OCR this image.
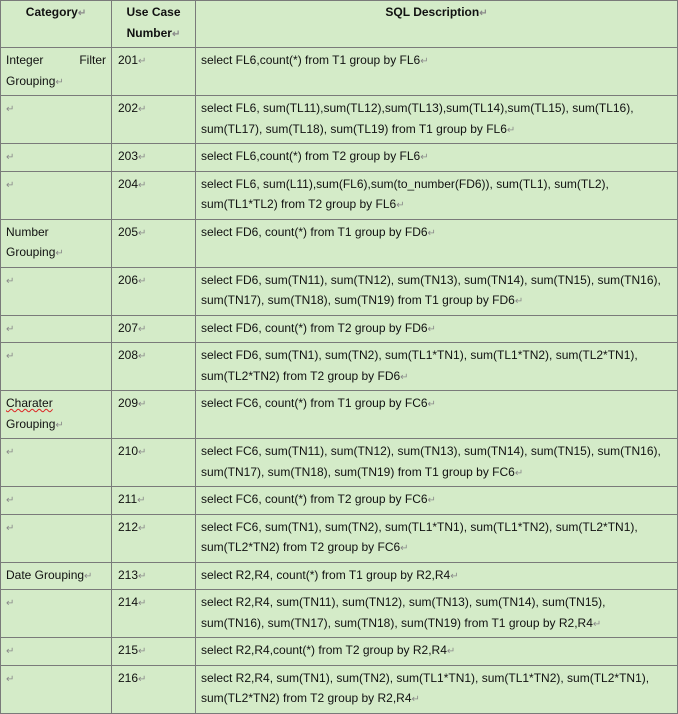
Category↵	Use Case
Number↵	SQL Description↵

Integer Filter
Grouping↵	201↵	select FL6,count(*) from T1 group by FL6↵
↵	202↵	select FL6, sum(TL11),sum(TL12),sum(TL13),sum(TL14),sum(TL15), sum(TL16), sum(TL17), sum(TL18), sum(TL19) from T1 group by FL6↵
↵	203↵	select FL6,count(*) from T2 group by FL6↵
↵	204↵	select FL6, sum(L11),sum(FL6),sum(to_number(FD6)), sum(TL1), sum(TL2), sum(TL1*TL2) from T2 group by FL6↵
Number
Grouping↵	205↵	select FD6, count(*) from T1 group by FD6↵
↵	206↵	select FD6, sum(TN11), sum(TN12), sum(TN13), sum(TN14), sum(TN15), sum(TN16), sum(TN17), sum(TN18), sum(TN19) from T1 group by FD6↵
↵	207↵	select FD6, count(*) from T2 group by FD6↵
↵	208↵	select FD6, sum(TN1), sum(TN2), sum(TL1*TN1), sum(TL1*TN2), sum(TL2*TN1), sum(TL2*TN2) from T2 group by FD6↵
Charater
Grouping↵	209↵	select FC6, count(*) from T1 group by FC6↵
↵	210↵	select FC6, sum(TN11), sum(TN12), sum(TN13), sum(TN14), sum(TN15), sum(TN16), sum(TN17), sum(TN18), sum(TN19) from T1 group by FC6↵
↵	211↵	select FC6, count(*) from T2 group by FC6↵
↵	212↵	select FC6, sum(TN1), sum(TN2), sum(TL1*TN1), sum(TL1*TN2), sum(TL2*TN1), sum(TL2*TN2) from T2 group by FC6↵
Date Grouping↵	213↵	select R2,R4, count(*) from T1 group by R2,R4↵
↵	214↵	select R2,R4, sum(TN11), sum(TN12), sum(TN13), sum(TN14), sum(TN15), sum(TN16), sum(TN17), sum(TN18), sum(TN19) from T1 group by R2,R4↵
↵	215↵	select R2,R4,count(*) from T2 group by R2,R4↵
↵	216↵	select R2,R4, sum(TN1), sum(TN2), sum(TL1*TN1), sum(TL1*TN2), sum(TL2*TN1), sum(TL2*TN2) from T2 group by R2,R4↵
